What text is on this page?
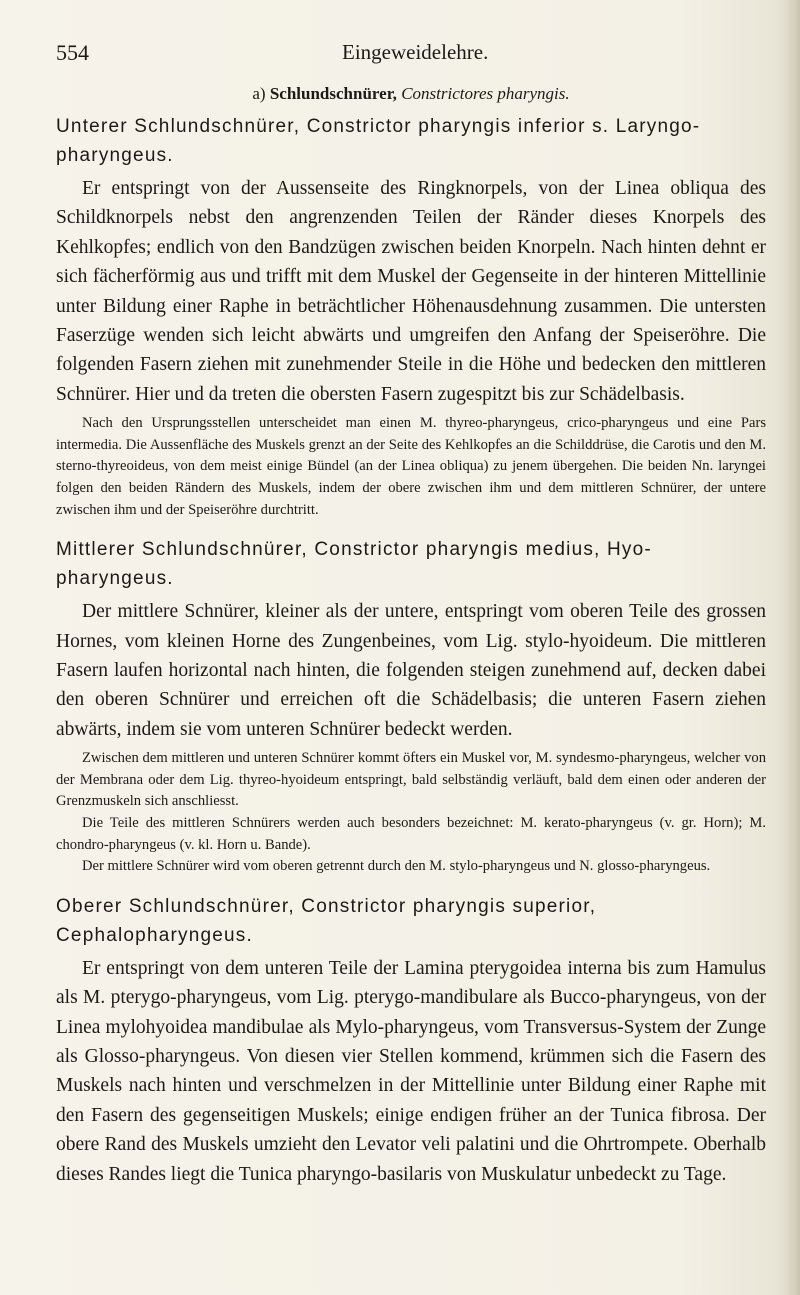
554	Eingeweidelehre.

a) Schlundschnürer, Constrictores pharyngis.

Unterer Schlundschnürer, Constrictor pharyngis inferior s. Laryngo-pharyngeus.

Er entspringt von der Aussenseite des Ringknorpels, von der Linea obliqua des Schildknorpels nebst den angrenzenden Teilen der Ränder dieses Knorpels des Kehlkopfes; endlich von den Bandzügen zwischen beiden Knorpeln. Nach hinten dehnt er sich fächerförmig aus und trifft mit dem Muskel der Gegenseite in der hinteren Mittellinie unter Bildung einer Raphe in beträchtlicher Höhenausdehnung zusammen. Die untersten Faserzüge wenden sich leicht abwärts und umgreifen den Anfang der Speiseröhre. Die folgenden Fasern ziehen mit zunehmender Steile in die Höhe und bedecken den mittleren Schnürer. Hier und da treten die obersten Fasern zugespitzt bis zur Schädelbasis.

Nach den Ursprungsstellen unterscheidet man einen M. thyreo-pharyngeus, crico-pharyngeus und eine Pars intermedia. Die Aussenfläche des Muskels grenzt an der Seite des Kehlkopfes an die Schilddrüse, die Carotis und den M. sterno-thyreoideus, von dem meist einige Bündel (an der Linea obliqua) zu jenem übergehen. Die beiden Nn. laryngei folgen den beiden Rändern des Muskels, indem der obere zwischen ihm und dem mittleren Schnürer, der untere zwischen ihm und der Speiseröhre durchtritt.

Mittlerer Schlundschnürer, Constrictor pharyngis medius, Hyo-pharyngeus.

Der mittlere Schnürer, kleiner als der untere, entspringt vom oberen Teile des grossen Hornes, vom kleinen Horne des Zungenbeines, vom Lig. stylo-hyoideum. Die mittleren Fasern laufen horizontal nach hinten, die folgenden steigen zunehmend auf, decken dabei den oberen Schnürer und erreichen oft die Schädelbasis; die unteren Fasern ziehen abwärts, indem sie vom unteren Schnürer bedeckt werden.

Zwischen dem mittleren und unteren Schnürer kommt öfters ein Muskel vor, M. syndesmo-pharyngeus, welcher von der Membrana oder dem Lig. thyreo-hyoideum entspringt, bald selbständig verläuft, bald dem einen oder anderen der Grenzmuskeln sich anschliesst.

Die Teile des mittleren Schnürers werden auch besonders bezeichnet: M. kerato-pharyngeus (v. gr. Horn); M. chondro-pharyngeus (v. kl. Horn u. Bande).

Der mittlere Schnürer wird vom oberen getrennt durch den M. stylo-pharyngeus und N. glosso-pharyngeus.

Oberer Schlundschnürer, Constrictor pharyngis superior, Cephalopharyngeus.

Er entspringt von dem unteren Teile der Lamina pterygoidea interna bis zum Hamulus als M. pterygo-pharyngeus, vom Lig. pterygo-mandibulare als Bucco-pharyngeus, von der Linea mylohyoidea mandibulae als Mylo-pharyngeus, vom Transversus-System der Zunge als Glosso-pharyngeus. Von diesen vier Stellen kommend, krümmen sich die Fasern des Muskels nach hinten und verschmelzen in der Mittellinie unter Bildung einer Raphe mit den Fasern des gegenseitigen Muskels; einige endigen früher an der Tunica fibrosa. Der obere Rand des Muskels umzieht den Levator veli palatini und die Ohrtrompete. Oberhalb dieses Randes liegt die Tunica pharyngo-basilaris von Muskulatur unbedeckt zu Tage.
